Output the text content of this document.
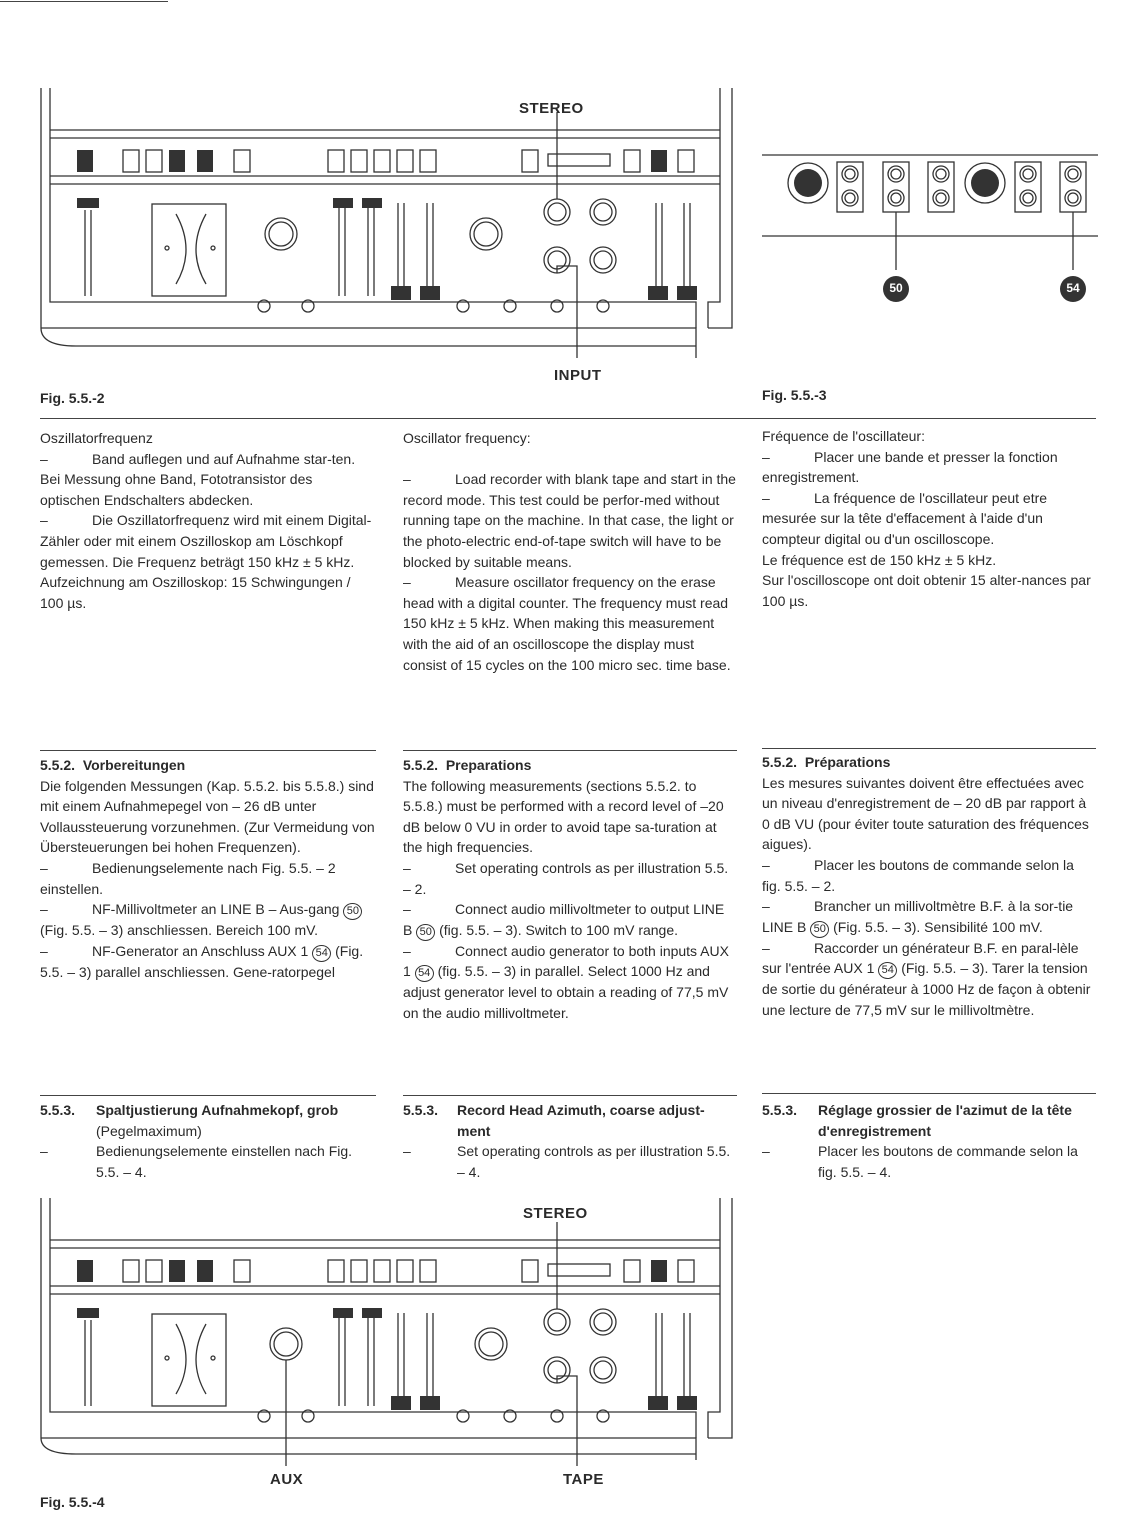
STEREO
INPUT
Fig. 5.5.-2
50	54
Fig. 5.5.-3

Oszillatorfrequenz

–	Band auflegen und auf Aufnahme star-ten. Bei Messung ohne Band, Fototransistor des optischen Endschalters abdecken.

–	Die Oszillatorfrequenz wird mit einem Digital-Zähler oder mit einem Oszilloskop am Löschkopf gemessen. Die Frequenz beträgt 150 kHz ± 5 kHz. Aufzeichnung am Oszilloskop: 15 Schwingungen / 100 µs.

Oscillator frequency:

–	Load recorder with blank tape and start in the record mode. This test could be perfor-med without running tape on the machine. In that case, the light or the photo-electric end-of-tape switch will have to be blocked by suitable means.

–	Measure oscillator frequency on the erase head with a digital counter. The frequency must read 150 kHz ± 5 kHz. When making this measurement with the aid of an oscilloscope the display must consist of 15 cycles on the 100 micro sec. time base.

Fréquence de l'oscillateur:

–	Placer une bande et presser la fonction enregistrement.

–	La fréquence de l'oscillateur peut etre mesurée sur la tête d'effacement à l'aide d'un compteur digital ou d'un oscilloscope.

Le fréquence est de 150 kHz ± 5 kHz.

Sur l'oscilloscope ont doit obtenir 15 alter-nances par 100 µs.

5.5.2. Vorbereitungen

Die folgenden Messungen (Kap. 5.5.2. bis 5.5.8.) sind mit einem Aufnahmepegel von – 26 dB unter Vollaussteuerung vorzunehmen. (Zur Vermeidung von Übersteuerungen bei hohen Frequenzen).

–	Bedienungselemente nach Fig. 5.5. – 2 einstellen.

–	NF-Millivoltmeter an LINE B – Aus-gang 50 (Fig. 5.5. – 3) anschliessen. Bereich 100 mV.

–	NF-Generator an Anschluss AUX 1 54 (Fig. 5.5. – 3) parallel anschliessen. Gene-ratorpegel

5.5.2. Preparations

The following measurements (sections 5.5.2. to 5.5.8.) must be performed with a record level of –20 dB below 0 VU in order to avoid tape sa-turation at the high frequencies.

–	Set operating controls as per illustration 5.5. – 2.

–	Connect audio millivoltmeter to output LINE B 50 (fig. 5.5. – 3). Switch to 100 mV range.

–	Connect audio generator to both inputs AUX 1 54 (fig. 5.5. – 3) in parallel. Select 1000 Hz and adjust generator level to obtain a reading of 77,5 mV on the audio millivoltmeter.

5.5.2. Préparations

Les mesures suivantes doivent être effectuées avec un niveau d'enregistrement de – 20 dB par rapport à 0 dB VU (pour éviter toute saturation des fréquences aigues).

–	Placer les boutons de commande selon la fig. 5.5. – 2.

–	Brancher un millivoltmètre B.F. à la sor-tie LINE B 50 (Fig. 5.5. – 3). Sensibilité 100 mV.

–	Raccorder un générateur B.F. en paral-lèle sur l'entrée AUX 1 54 (Fig. 5.5. – 3). Tarer la tension de sortie du générateur à 1000 Hz de façon à obtenir une lecture de 77,5 mV sur le millivoltmètre.

5.5.3.	Spaltjustierung Aufnahmekopf, grob

(Pegelmaximum)

–	Bedienungselemente einstellen nach Fig. 5.5. – 4.

5.5.3.	Record Head Azimuth, coarse adjust-ment

–	Set operating controls as per illustration 5.5. – 4.

5.5.3.	Réglage grossier de l'azimut de la tête d'enregistrement

–	Placer les boutons de commande selon la fig. 5.5. – 4.

STEREO
AUX	TAPE
Fig. 5.5.-4
